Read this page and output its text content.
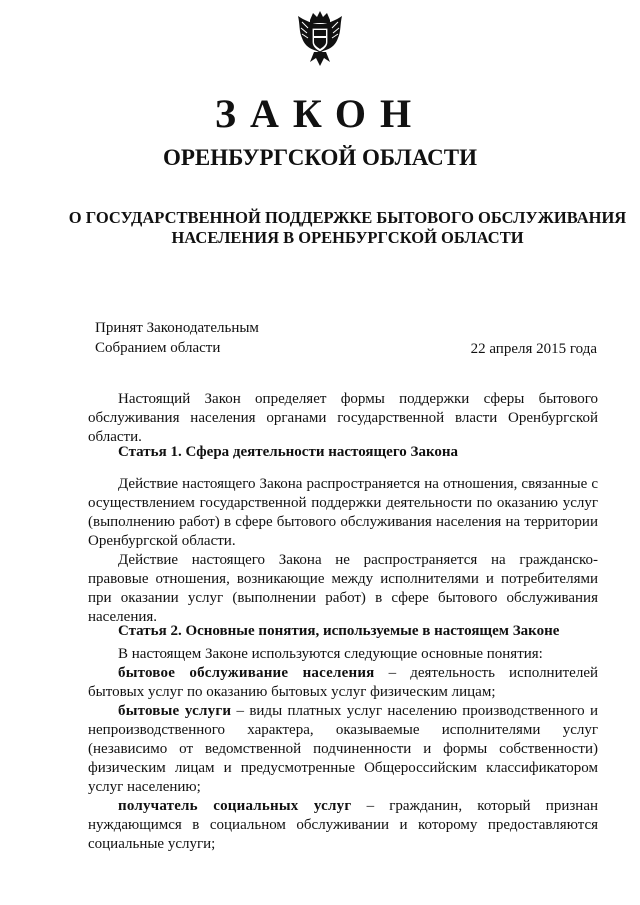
ЗАКОН
ОРЕНБУРГСКОЙ ОБЛАСТИ
О ГОСУДАРСТВЕННОЙ ПОДДЕРЖКЕ БЫТОВОГО ОБСЛУЖИВАНИЯ
НАСЕЛЕНИЯ В ОРЕНБУРГСКОЙ ОБЛАСТИ
Принят Законодательным
Собранием области	22 апреля 2015 года

Настоящий Закон определяет формы поддержки сферы бытового обслуживания населения органами государственной власти Оренбургской области.

Статья 1. Сфера деятельности настоящего Закона

Действие настоящего Закона распространяется на отношения, связанные с осуществлением государственной поддержки деятельности по оказанию услуг (выполнению работ) в сфере бытового обслуживания населения на территории Оренбургской области.

Действие настоящего Закона не распространяется на гражданско-правовые отношения, возникающие между исполнителями и потребителями при оказании услуг (выполнении работ) в сфере бытового обслуживания населения.

Статья 2. Основные понятия, используемые в настоящем Законе

В настоящем Законе используются следующие основные понятия:

бытовое обслуживание населения – деятельность исполнителей бытовых услуг по оказанию бытовых услуг физическим лицам;

бытовые услуги – виды платных услуг населению производственного и непроизводственного характера, оказываемые исполнителями услуг (независимо от ведомственной подчиненности и формы собственности) физическим лицам и предусмотренные Общероссийским классификатором услуг населению;

получатель социальных услуг – гражданин, который признан нуждающимся в социальном обслуживании и которому предоставляются социальные услуги;
